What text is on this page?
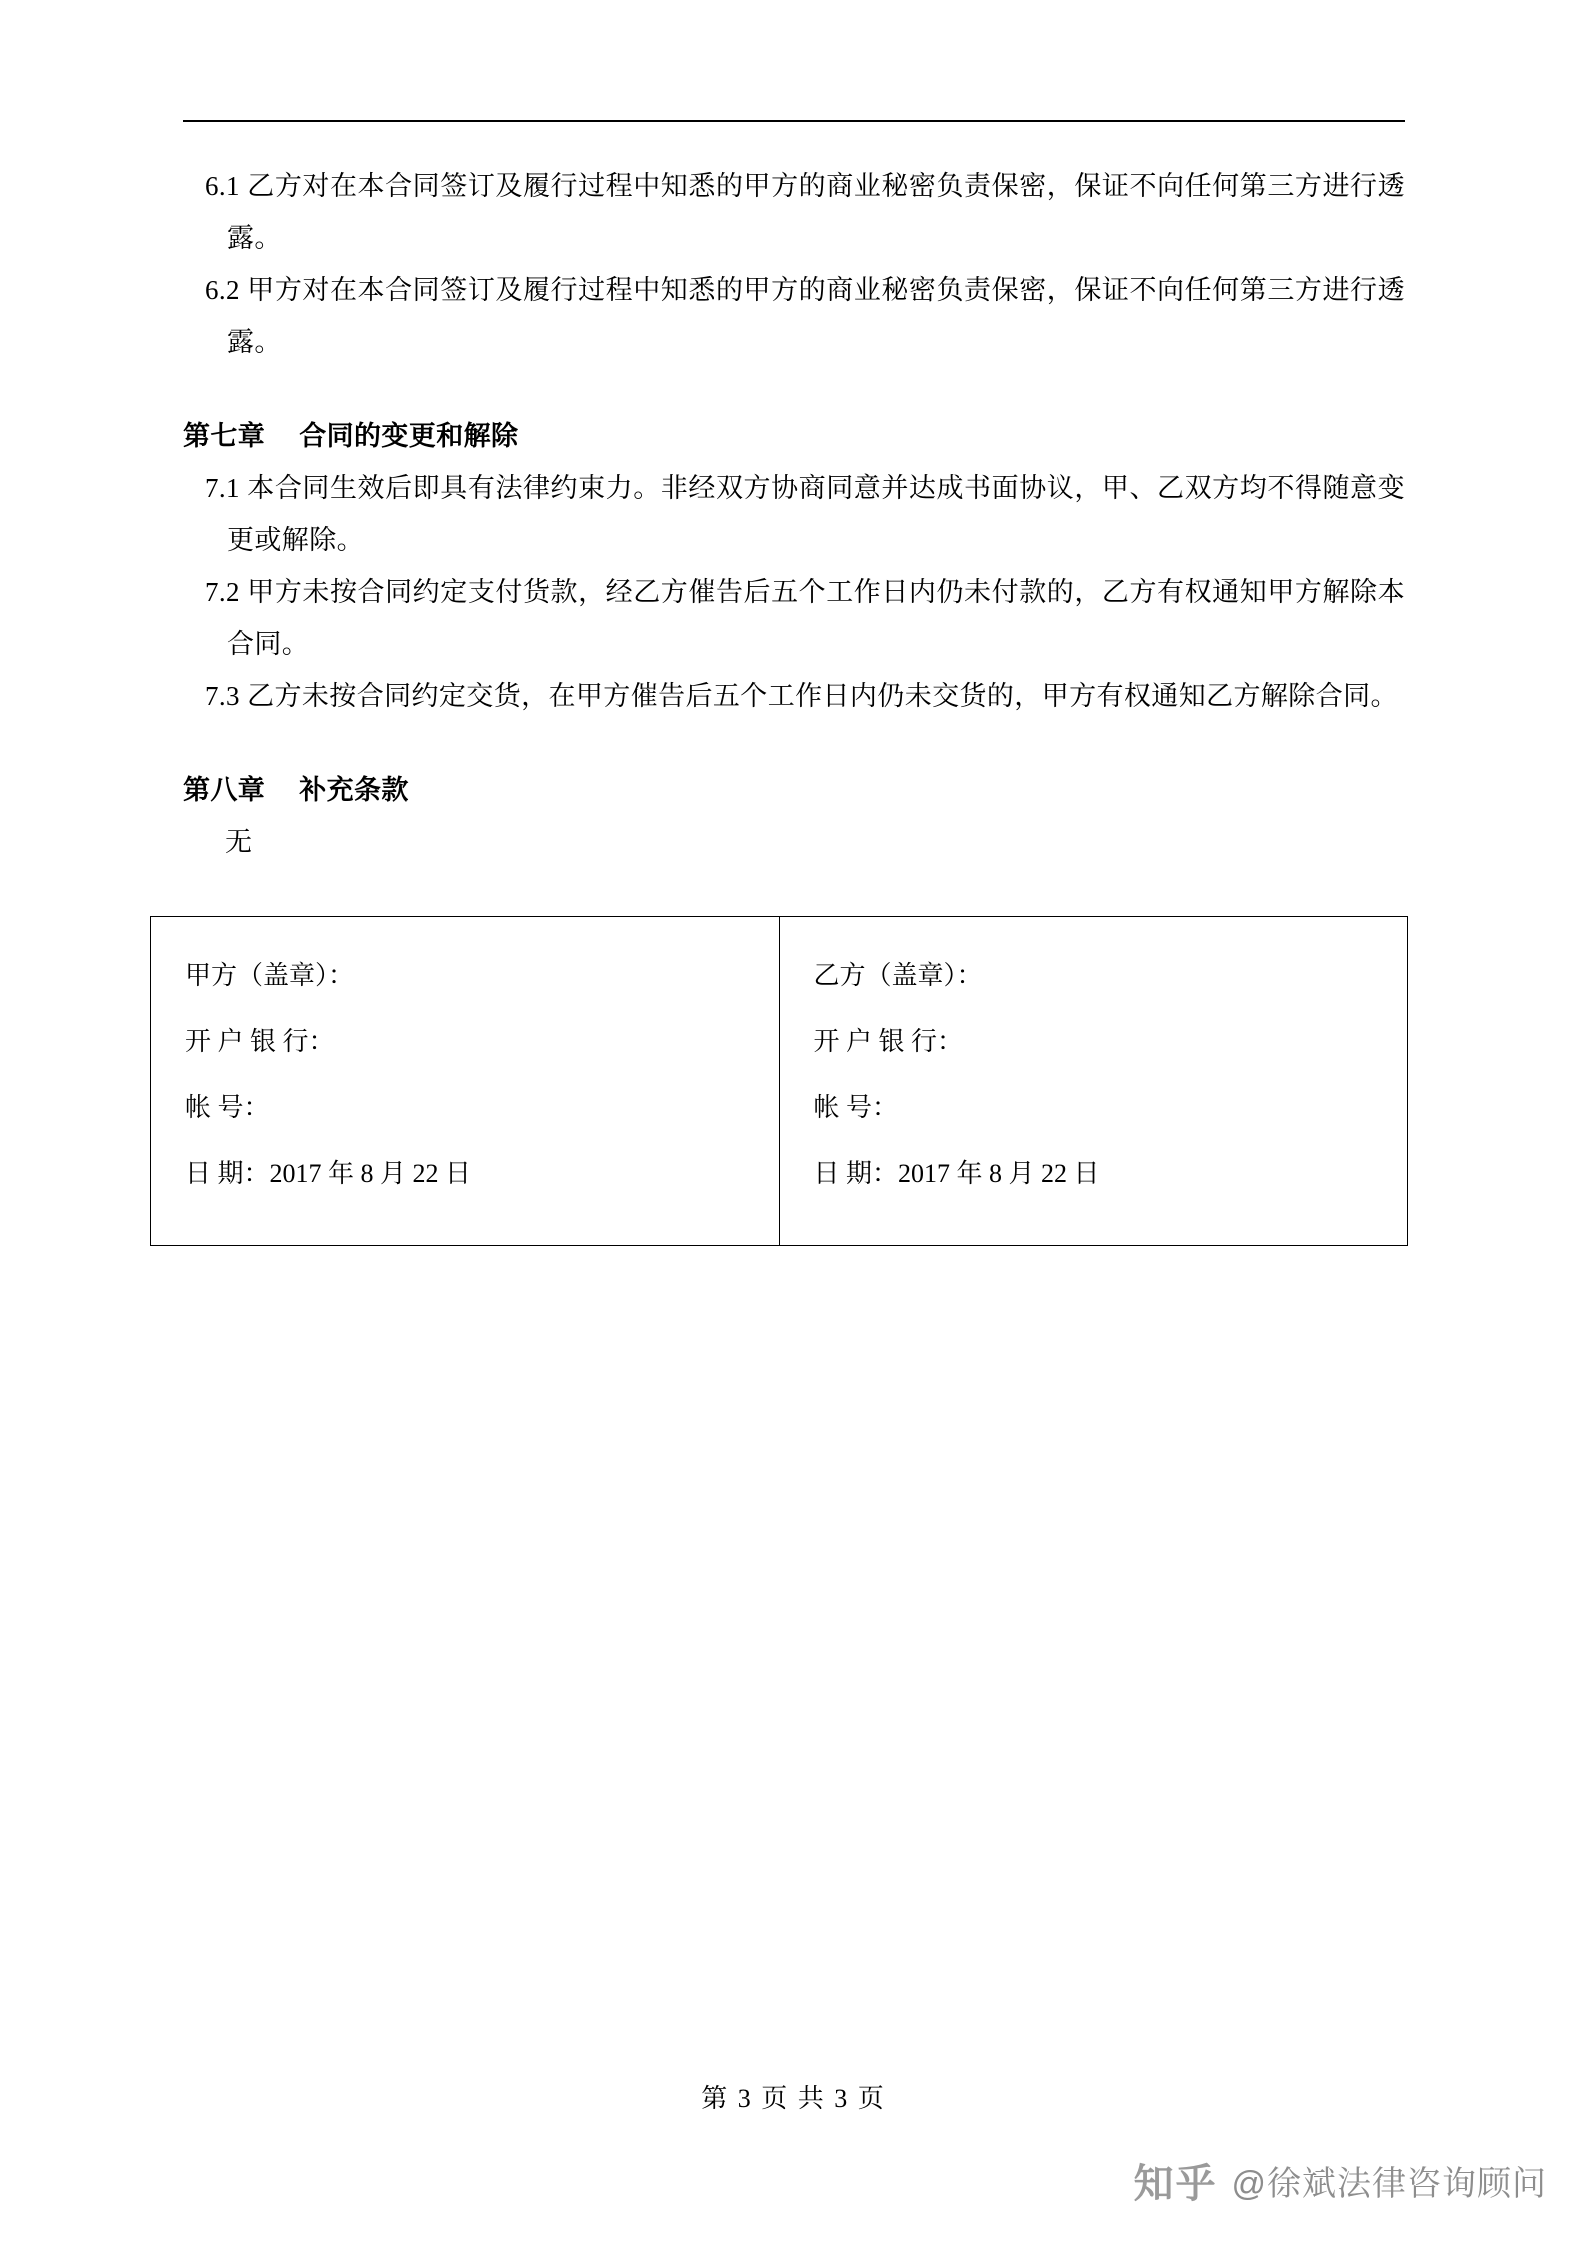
6.1 乙方对在本合同签订及履行过程中知悉的甲方的商业秘密负责保密，保证不向任何第三方进行透露。

6.2 甲方对在本合同签订及履行过程中知悉的甲方的商业秘密负责保密，保证不向任何第三方进行透露。

第七章 合同的变更和解除

7.1 本合同生效后即具有法律约束力。非经双方协商同意并达成书面协议，甲、乙双方均不得随意变更或解除。

7.2 甲方未按合同约定支付货款，经乙方催告后五个工作日内仍未付款的，乙方有权通知甲方解除本合同。

7.3 乙方未按合同约定交货，在甲方催告后五个工作日内仍未交货的，甲方有权通知乙方解除合同。

第八章 补充条款

无

甲方（盖章）：
开 户 银 行：
帐 号：
日 期：2017 年 8 月 22 日

乙方（盖章）：
开 户 银 行：
帐 号：
日 期：2017 年 8 月 22 日
第 3 页 共 3 页
知乎 @徐斌法律咨询顾问
